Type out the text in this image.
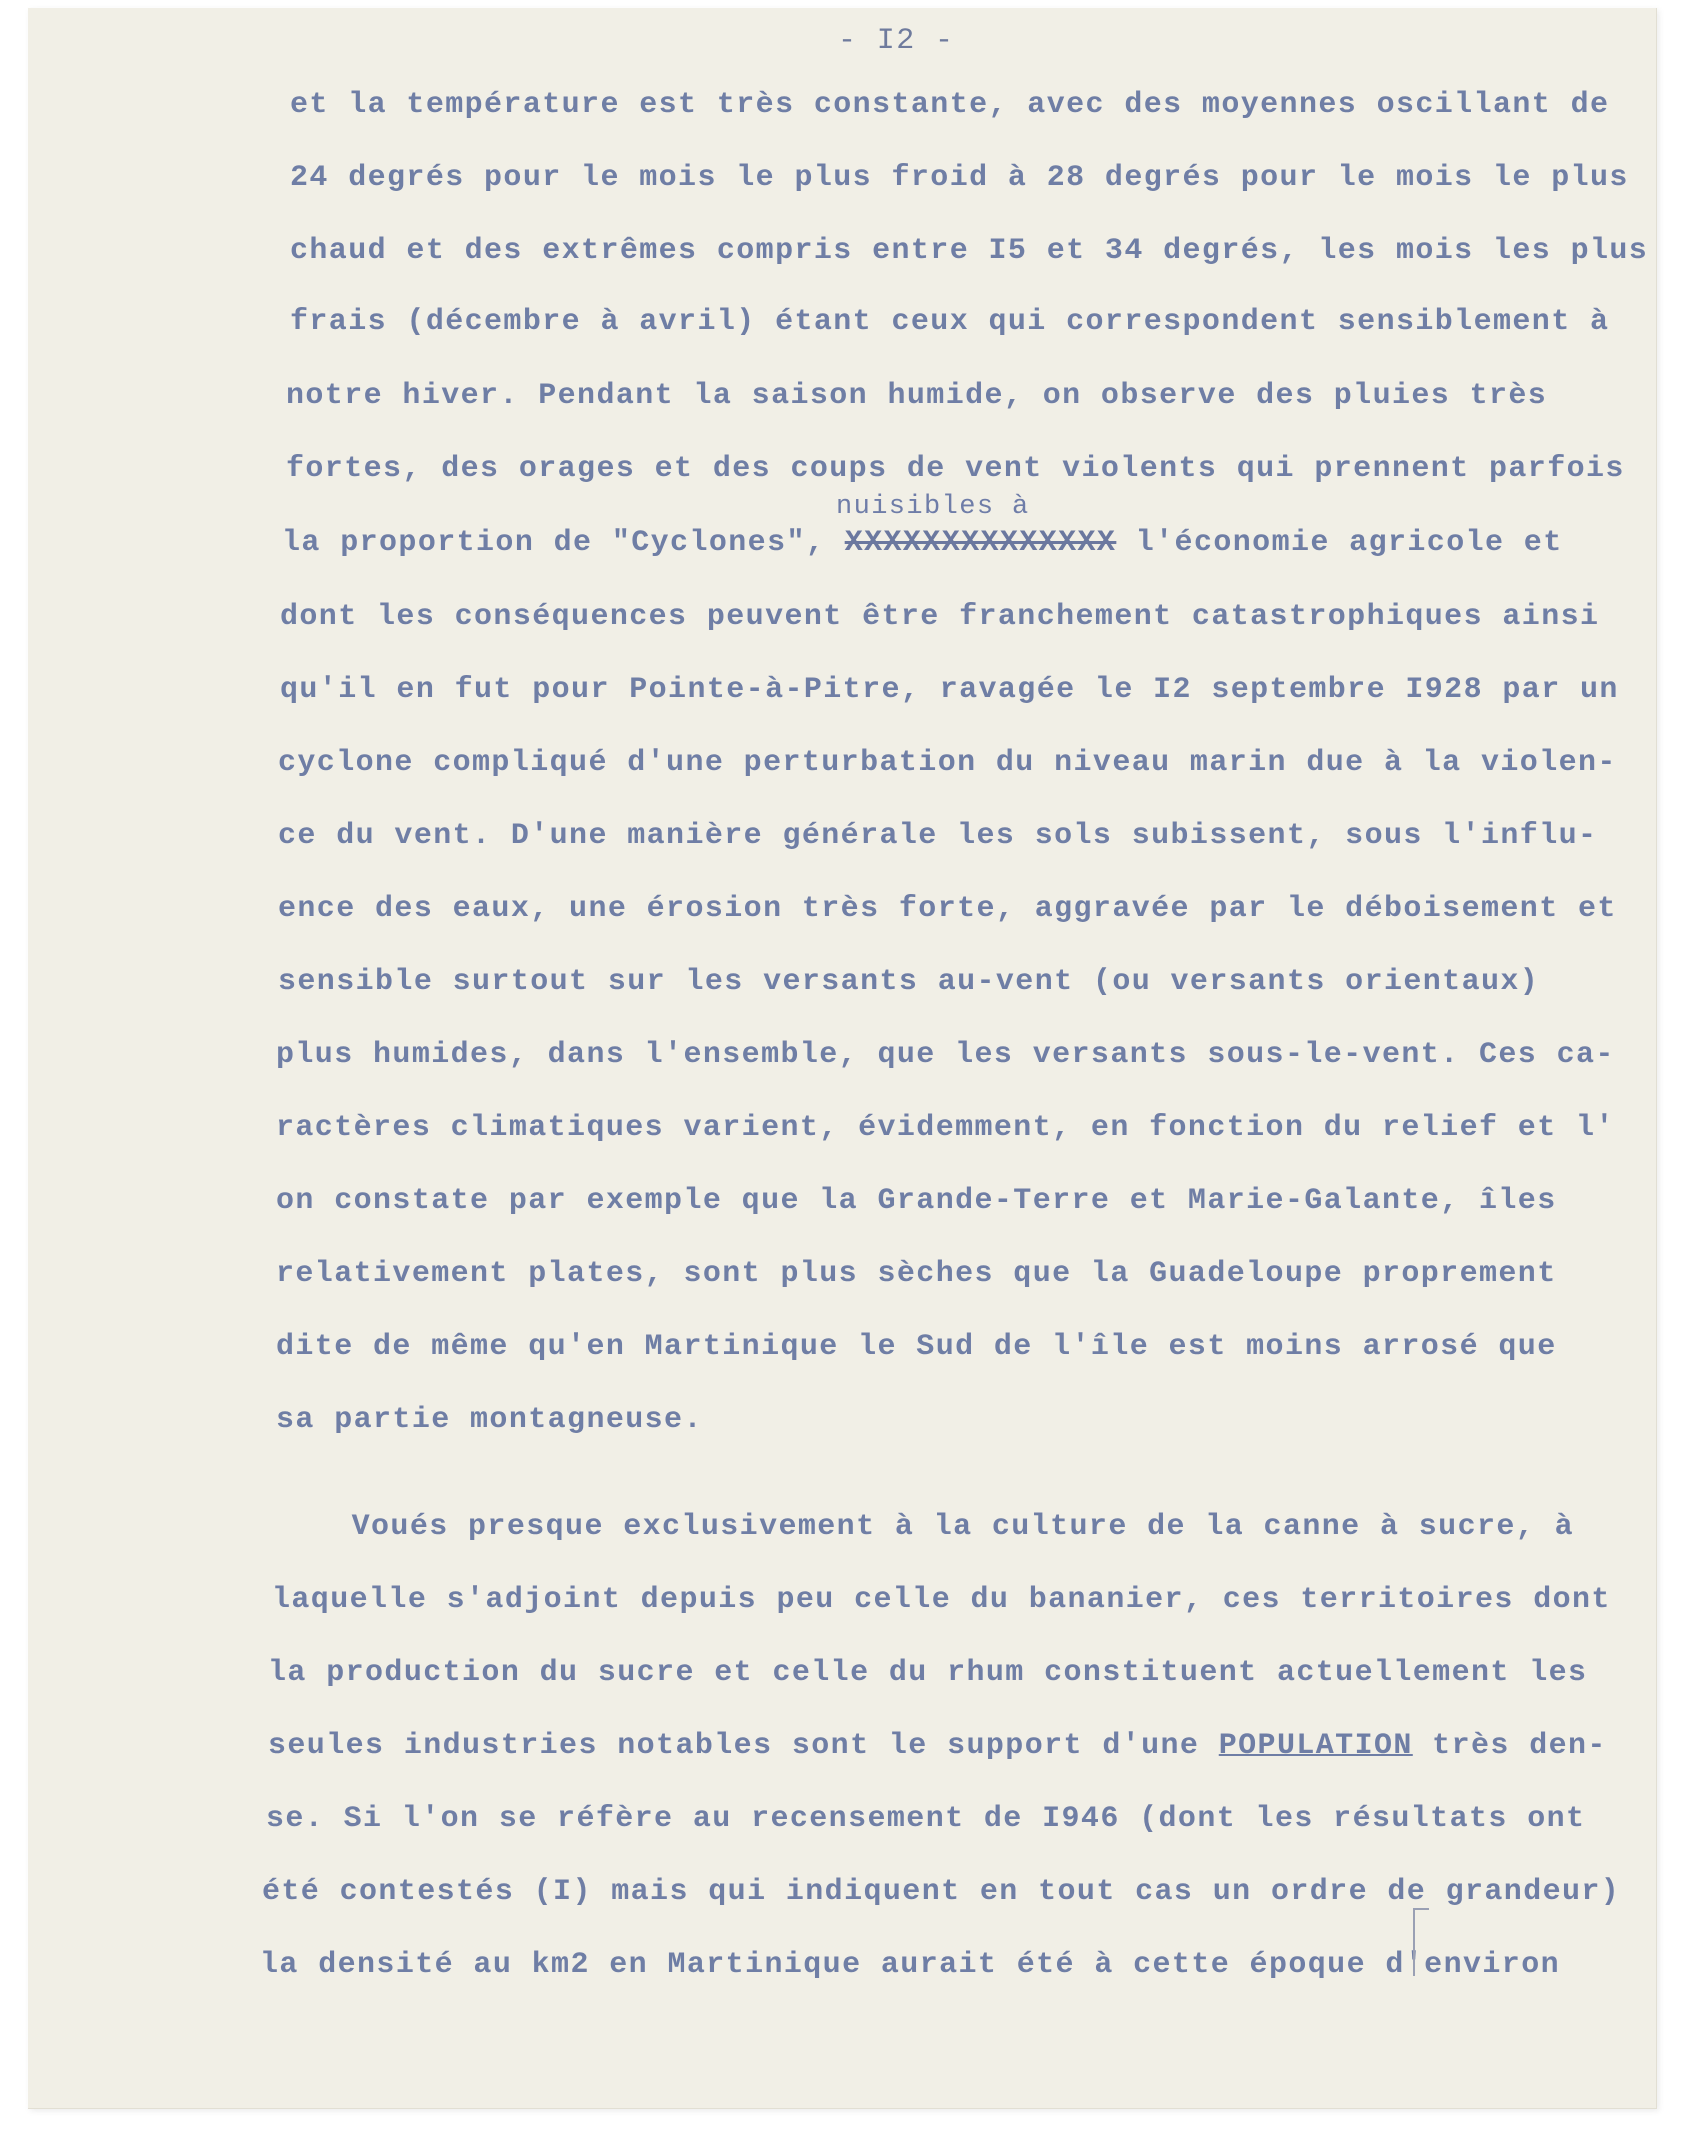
- I2 -

et la température est très constante, avec des moyennes oscillant de

24 degrés pour le mois le plus froid à 28 degrés pour le mois le plus

chaud et des extrêmes compris entre I5 et 34 degrés, les mois les plus

frais (décembre à avril) étant ceux qui correspondent sensiblement à

notre hiver. Pendant la saison humide, on observe des pluies très

fortes, des orages et des coups de vent violents qui prennent parfois

nuisibles à

la proportion de "Cyclones", XXXXXXXXXXXXXX l'économie agricole et

dont les conséquences peuvent être franchement catastrophiques ainsi

qu'il en fut pour Pointe-à-Pitre, ravagée le I2 septembre I928 par un

cyclone compliqué d'une perturbation du niveau marin due à la violen-

ce du vent. D'une manière générale les sols subissent, sous l'influ-

ence des eaux, une érosion très forte, aggravée par le déboisement et

sensible surtout sur les versants au-vent (ou versants orientaux)

plus humides, dans l'ensemble, que les versants sous-le-vent. Ces ca-

ractères climatiques varient, évidemment, en fonction du relief et l'

on constate par exemple que la Grande-Terre et Marie-Galante, îles

relativement plates, sont plus sèches que la Guadeloupe proprement

dite de même qu'en Martinique le Sud de l'île est moins arrosé que

sa partie montagneuse.

Voués presque exclusivement à la culture de la canne à sucre, à

laquelle s'adjoint depuis peu celle du bananier, ces territoires dont

la production du sucre et celle du rhum constituent actuellement les

seules industries notables sont le support d'une POPULATION très den-

se. Si l'on se réfère au recensement de I946 (dont les résultats ont

été contestés (I) mais qui indiquent en tout cas un ordre de grandeur)

la densité au km2 en Martinique aurait été à cette époque d'environ
